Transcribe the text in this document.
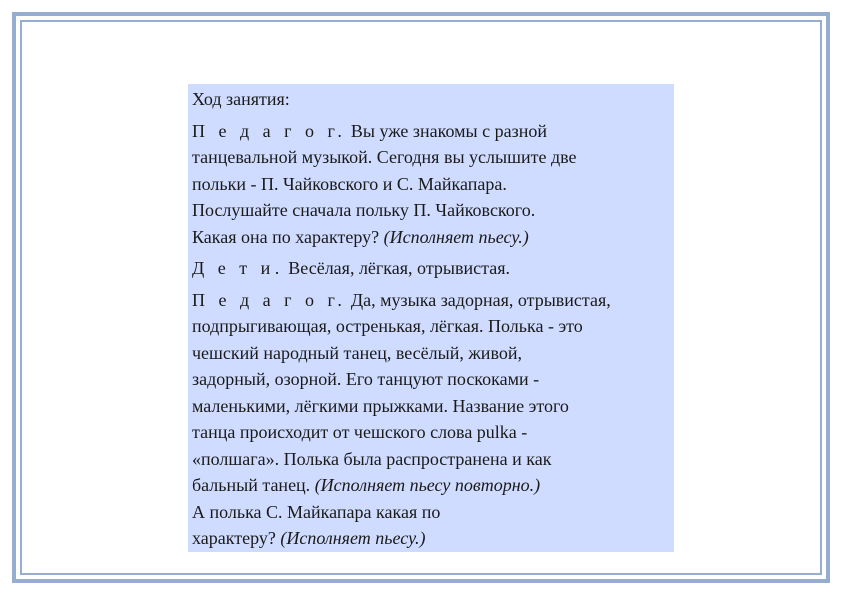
Ход занятия:

П е д а г о г. Вы уже знакомы с разной
танцевальной музыкой. Сегодня вы услышите две
польки - П. Чайковского и С. Майкапара.
Послушайте сначала польку П. Чайковского.
Какая она по характеру? (Исполняет пьесу.)

Д е т и. Весёлая, лёгкая, отрывистая.

П е д а г о г. Да, музыка задорная, отрывистая,
подпрыгивающая, остренькая, лёгкая. Полька - это
чешский народный танец, весёлый, живой,
задорный, озорной. Его танцуют поскоками -
маленькими, лёгкими прыжками. Название этого
танца происходит от чешского слова pulka -
«полшага». Полька была распространена и как
бальный танец. (Исполняет пьесу повторно.)

А полька С. Майкапара какая по
характеру? (Исполняет пьесу.)
